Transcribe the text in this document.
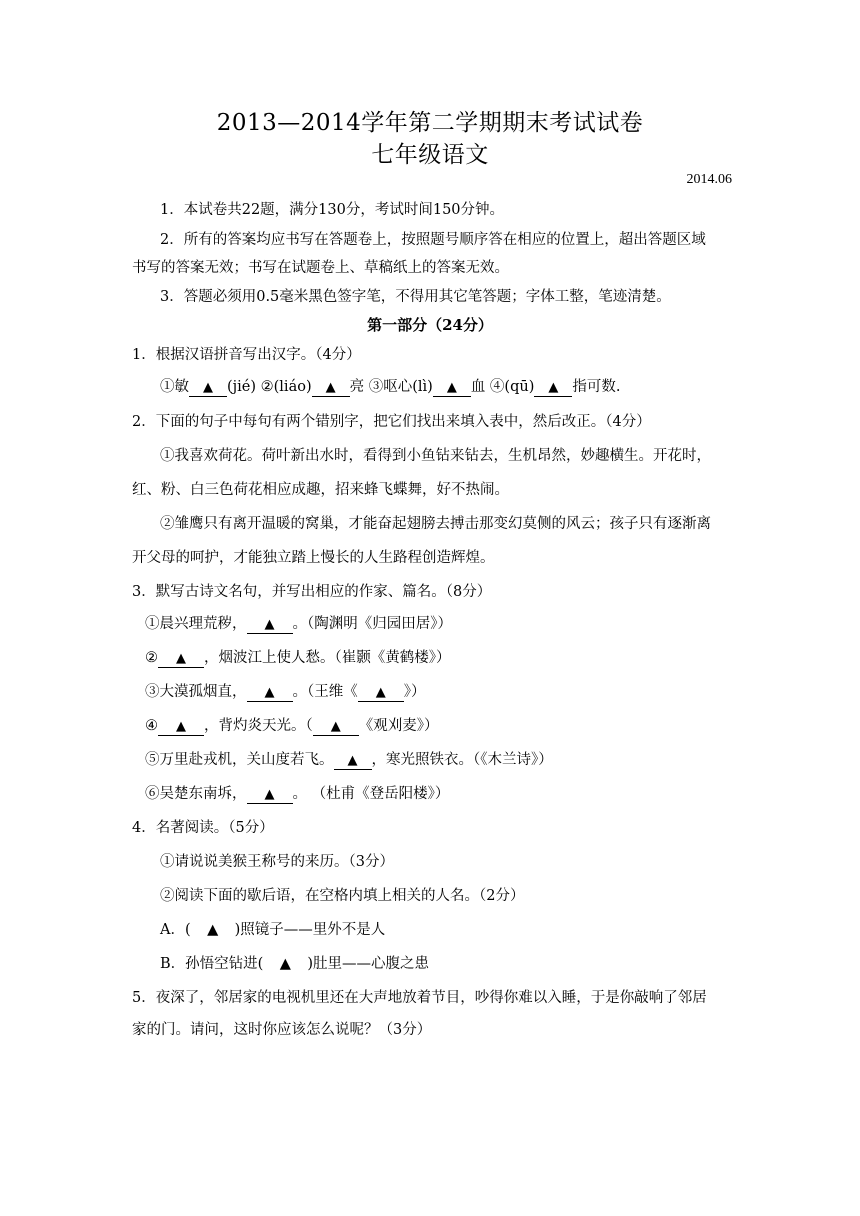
2013—2014学年第二学期期末考试试卷
七年级语文
2014.06
1．本试卷共22题，满分130分，考试时间150分钟。
2．所有的答案均应书写在答题卷上，按照题号顺序答在相应的位置上，超出答题区域
书写的答案无效；书写在试题卷上、草稿纸上的答案无效。
3．答题必须用0.5毫米黑色签字笔，不得用其它笔答题；字体工整，笔迹清楚。
第一部分（24分）
1．根据汉语拼音写出汉字。（4分）
①敏 ▲ (jié) ②(liáo) ▲ 亮 ③呕心(lì) ▲ 血 ④(qū) ▲ 指可数.
2．下面的句子中每句有两个错别字，把它们找出来填入表中，然后改正。（4分）
①我喜欢荷花。荷叶新出水时，看得到小鱼钻来钻去，生机昂然，妙趣横生。开花时，
红、粉、白三色荷花相应成趣，招来蜂飞蝶舞，好不热闹。
②雏鹰只有离开温暖的窝巢，才能奋起翅膀去搏击那变幻莫侧的风云；孩子只有逐渐离
开父母的呵护，才能独立踏上慢长的人生路程创造辉煌。
3．默写古诗文名句，并写出相应的作家、篇名。（8分）
①晨兴理荒秽， ▲ 。（陶渊明《归园田居》）
② ▲ ，烟波江上使人愁。（崔颢《黄鹤楼》）
③大漠孤烟直， ▲ 。（王维《 ▲ 》）
④ ▲ ，背灼炎天光。（ ▲ 《观刈麦》）
⑤万里赴戎机，关山度若飞。 ▲ ，寒光照铁衣。（《木兰诗》）
⑥吴楚东南坼， ▲ 。 （杜甫《登岳阳楼》）
4．名著阅读。（5分）
①请说说美猴王称号的来历。（3分）
②阅读下面的歇后语，在空格内填上相关的人名。（2分）
A．( ▲ )照镜子——里外不是人
B．孙悟空钻进( ▲ )肚里——心腹之患
5．夜深了，邻居家的电视机里还在大声地放着节目，吵得你难以入睡，于是你敲响了邻居
家的门。请问，这时你应该怎么说呢？（3分）
